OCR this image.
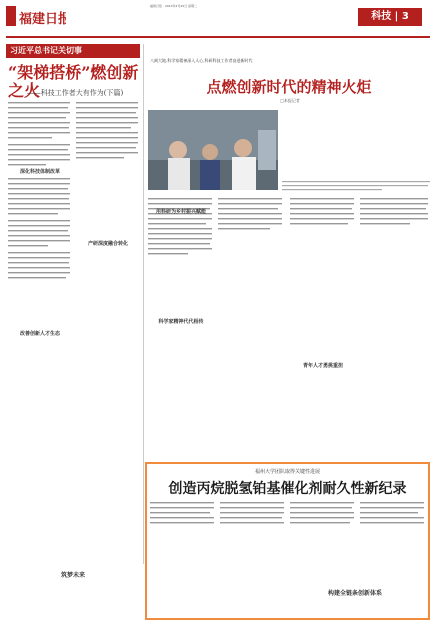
福建日报
福建日报 · 2023年4月25日 星期二
科技 | 3
习近平总书记关切事
“架梯搭桥”燃创新之火
——科技工作者大有作为(下篇)
深化科技体制改革
改善创新人才生态
产研深度融合转化
八闽大地,科学家精神深入人心,科研科技工作者奋进新时代
点燃创新时代的精神火炬
□本报记者
用科研为乡村振兴赋能
科学家精神代代相传
青年人才勇挑重担
福州大学团队取得关键性进展
创造丙烷脱氢铂基催化剂耐久性新纪录
筑梦未来
构建全链条创新体系
